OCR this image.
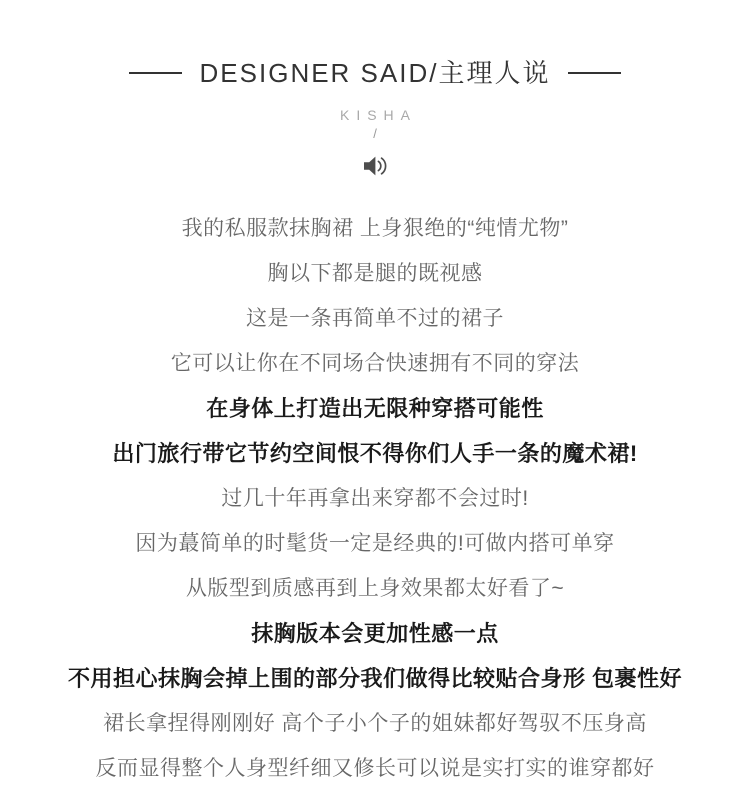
DESIGNER SAID/主理人说
KISHA
/

我的私服款抹胸裙 上身狠绝的“纯情尤物”

胸以下都是腿的既视感

这是一条再简单不过的裙子

它可以让你在不同场合快速拥有不同的穿法

在身体上打造出无限种穿搭可能性

出门旅行带它节约空间恨不得你们人手一条的魔术裙!

过几十年再拿出来穿都不会过时!

因为蕞简单的时髦货一定是经典的!可做内搭可单穿

从版型到质感再到上身效果都太好看了~

抹胸版本会更加性感一点

不用担心抹胸会掉上围的部分我们做得比较贴合身形 包裹性好

裙长拿捏得刚刚好 高个子小个子的姐妹都好驾驭不压身高

反而显得整个人身型纤细又修长可以说是实打实的谁穿都好
